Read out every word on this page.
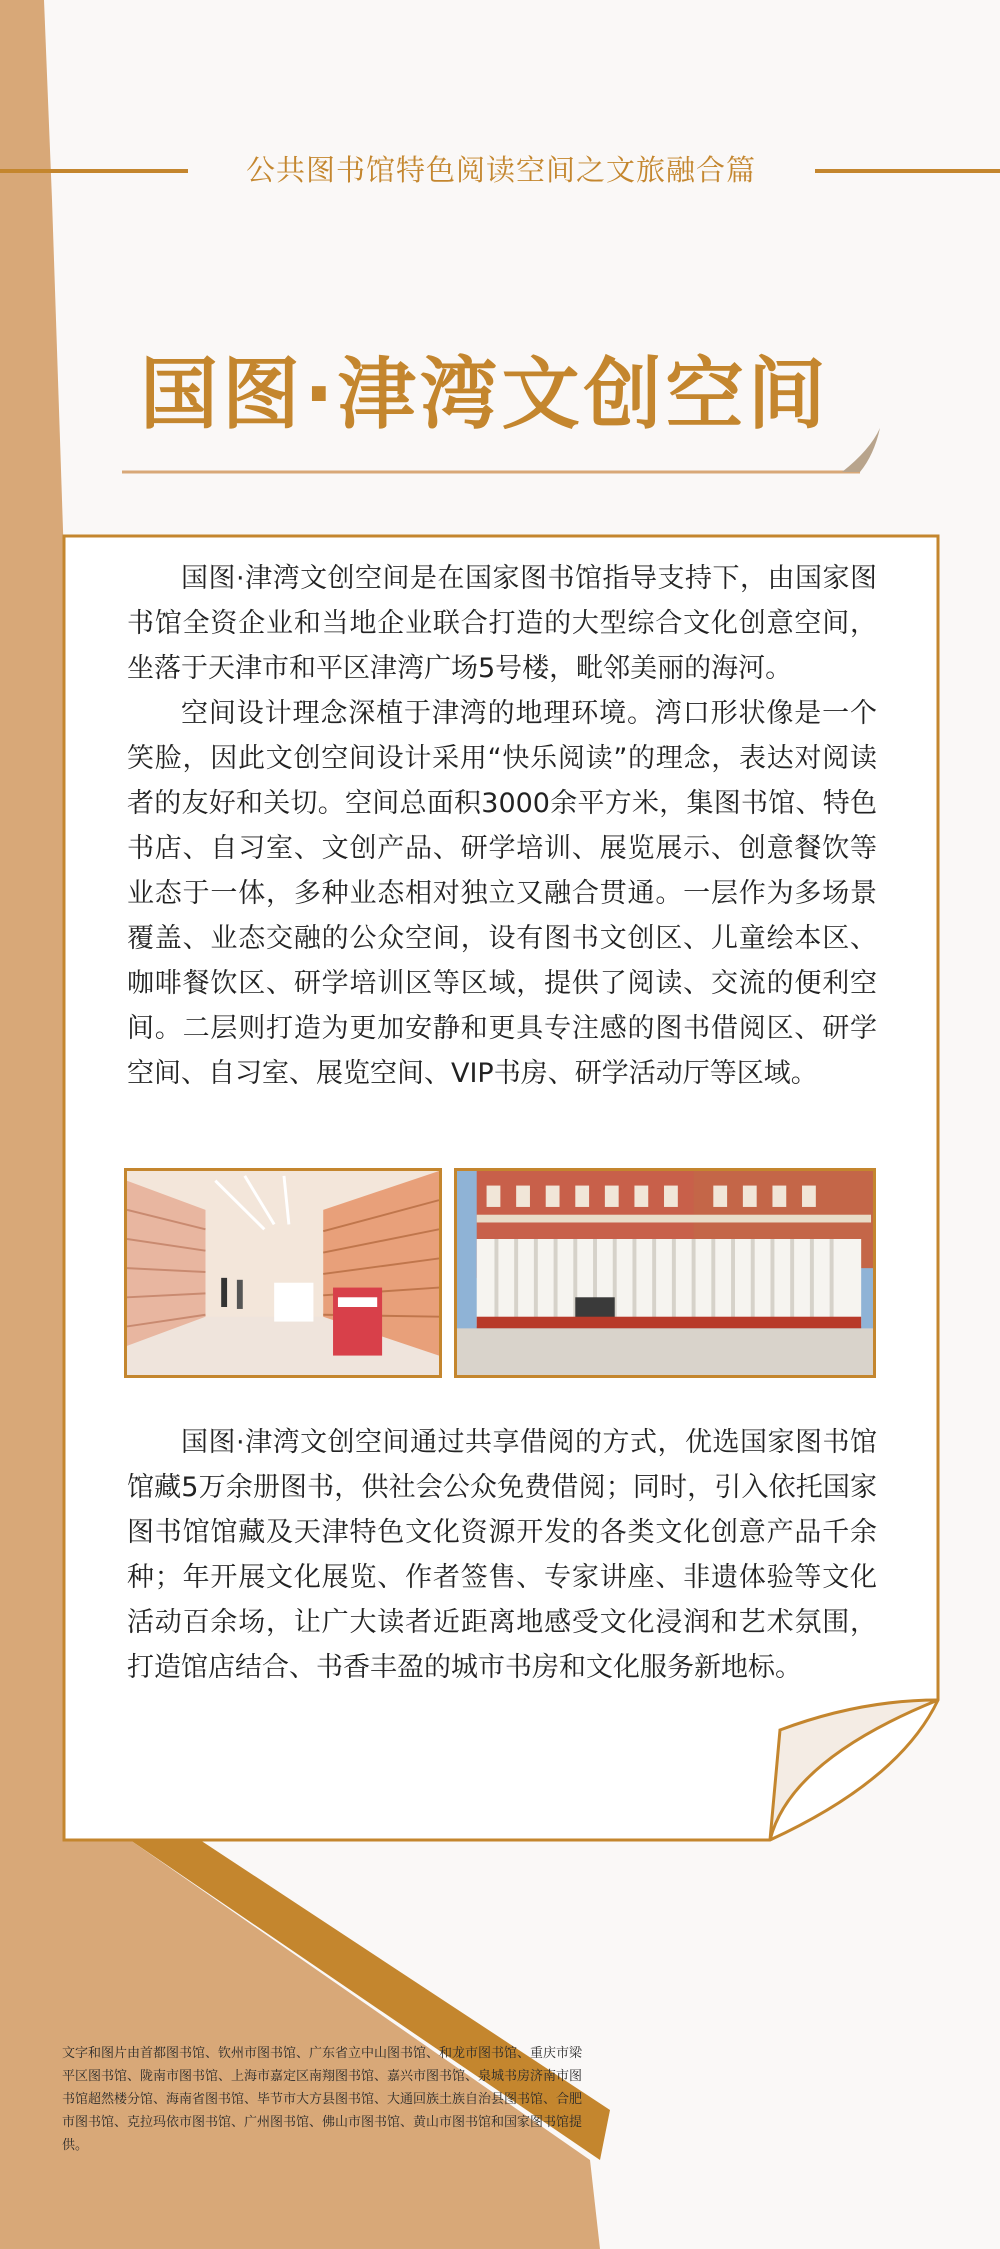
公共图书馆特色阅读空间之文旅融合篇
国图·津湾文创空间

国图·津湾文创空间是在国家图书馆指导支持下，由国家图书馆全资企业和当地企业联合打造的大型综合文化创意空间，坐落于天津市和平区津湾广场5号楼，毗邻美丽的海河。

空间设计理念深植于津湾的地理环境。湾口形状像是一个笑脸，因此文创空间设计采用“快乐阅读”的理念，表达对阅读者的友好和关切。空间总面积3000余平方米，集图书馆、特色书店、自习室、文创产品、研学培训、展览展示、创意餐饮等业态于一体，多种业态相对独立又融合贯通。一层作为多场景覆盖、业态交融的公众空间，设有图书文创区、儿童绘本区、咖啡餐饮区、研学培训区等区域，提供了阅读、交流的便利空间。二层则打造为更加安静和更具专注感的图书借阅区、研学空间、自习室、展览空间、VIP书房、研学活动厅等区域。

国图·津湾文创空间通过共享借阅的方式，优选国家图书馆馆藏5万余册图书，供社会公众免费借阅；同时，引入依托国家图书馆馆藏及天津特色文化资源开发的各类文化创意产品千余种；年开展文化展览、作者签售、专家讲座、非遗体验等文化活动百余场，让广大读者近距离地感受文化浸润和艺术氛围，打造馆店结合、书香丰盈的城市书房和文化服务新地标。

文字和图片由首都图书馆、钦州市图书馆、广东省立中山图书馆、和龙市图书馆、重庆市梁平区图书馆、陇南市图书馆、上海市嘉定区南翔图书馆、嘉兴市图书馆、泉城书房济南市图书馆超然楼分馆、海南省图书馆、毕节市大方县图书馆、大通回族土族自治县图书馆、合肥市图书馆、克拉玛依市图书馆、广州图书馆、佛山市图书馆、黄山市图书馆和国家图书馆提供。
